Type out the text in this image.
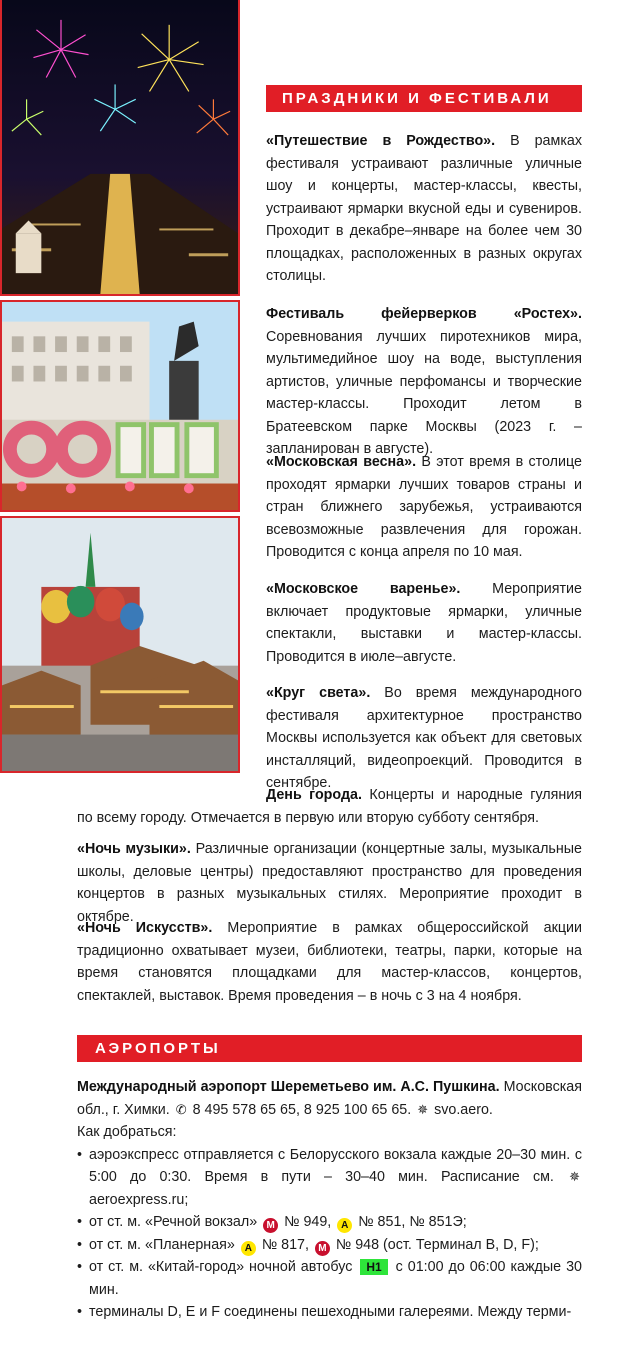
ПРАЗДНИКИ И ФЕСТИВАЛИ

«Путешествие в Рождество». В рамках фестиваля устраивают различные уличные шоу и концерты, мастер-классы, квесты, устраивают ярмарки вкусной еды и сувениров. Проходит в декабре–январе на более чем 30 площадках, расположенных в разных округах столицы.

Фестиваль фейерверков «Ростех». Соревнования лучших пиротехников мира, мультимедийное шоу на воде, выступления артистов, уличные перфомансы и творческие мастер-классы. Проходит летом в Братеевском парке Москвы (2023 г. – запланирован в августе).

«Московская весна». В этот время в столице проходят ярмарки лучших товаров страны и стран ближнего зарубежья, устраиваются всевозможные развлечения для горожан. Проводится с конца апреля по 10 мая.

«Московское варенье». Мероприятие включает продуктовые ярмарки, уличные спектакли, выставки и мастер-классы. Проводится в июле–августе.

«Круг света». Во время международного фестиваля архитектурное пространство Москвы используется как объект для световых инсталляций, видеопроекций. Проводится в сентябре.

День города. Концерты и народные гуляния по всему городу. Отмечается в первую или вторую субботу сентября.

«Ночь музыки». Различные организации (концертные залы, музыкальные школы, деловые центры) предоставляют пространство для проведения концертов в разных музыкальных стилях. Мероприятие проходит в октябре.

«Ночь Искусств». Мероприятие в рамках общероссийской акции традиционно охватывает музеи, библиотеки, театры, парки, которые на время становятся площадками для мастер-классов, концертов, спектаклей, выставок. Время проведения – в ночь с 3 на 4 ноября.

АЭРОПОРТЫ

Международный аэропорт Шереметьево им. А.С. Пушкина. Московская обл., г. Химки. ✆ 8 495 578 65 65, 8 925 100 65 65. ✵ svo.aero.

Как добраться:

• аэроэкспресс отправляется с Белорусского вокзала каждые 20–30 мин. с 5:00 до 0:30. Время в пути – 30–40 мин. Расписание см. ✵ aeroexpress.ru;
• от ст. м. «Речной вокзал» М № 949, А № 851, № 851Э;
• от ст. м. «Планерная» А № 817, М № 948 (ост. Терминал B, D, F);
• от ст. м. «Китай-город» ночной автобус Н1 с 01:00 до 06:00 каждые 30 мин.
• терминалы D, E и F соединены пешеходными галереями. Между терми-
